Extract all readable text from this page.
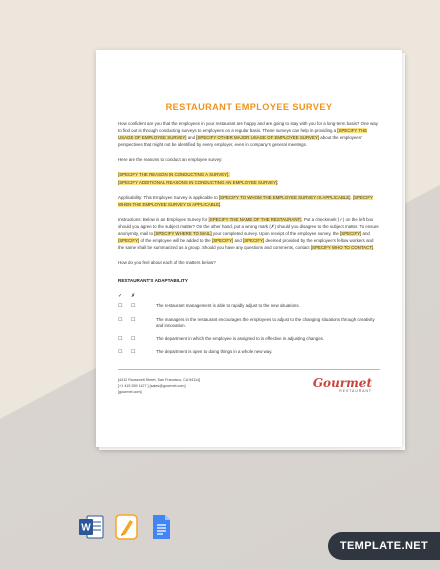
RESTAURANT EMPLOYEE SURVEY
How confident are you that the employees in your restaurant are happy and are going to stay with you for a long-term basis? One way to find out is through conducting surveys to employees on a regular basis. These surveys can help in providing a [SPECIFY THE USAGE OF EMPLOYEE SURVEY] and [SPECIFY OTHER MAJOR USAGE OF EMPLOYEE SURVEY] about the employees' perspectives that might not be identified by every employer, even in company's general meetings.
Here are the reasons to conduct an employee survey:
[SPECIFY THE REASON IN CONDUCTING A SURVEY].
[SPECIFY ADDITIONAL REASONS IN CONDUCTING AN EMPLOYEE SURVEY].
Applicability: This Employee Survey is applicable to [SPECIFY TO WHOM THE EMPLOYEE SURVEY IS APPLICABLE]. [SPECIFY WHEN THE EMPLOYEE SURVEY IS APPLICABLE].
Instructions: Below is an Employee Survey for [SPECIFY THE NAME OF THE RESTAURANT]. Put a checkmark (✓) on the left box should you agree to the subject matter? On the other hand, put a wrong mark (✗) should you disagree to the subject matter. To ensure anonymity, mail to [SPECIFY WHERE TO MAIL] your completed survey. Upon receipt of the employee survey, the [SPECIFY] and [SPECIFY] of the employee will be added to the [SPECIFY] and [SPECIFY] deemed provided by the employee's fellow workers and the same shall be summarized as a group. Should you have any questions and comments, contact [SPECIFY WHO TO CONTACT].
How do you feel about each of the matters below?
RESTAURANT'S ADAPTABILITY
✓	✗
☐	☐	The restaurant management is able to rapidly adjust to the new situations.
☐	☐	The managers in the restaurant encourages the employees to adjust to the changing situations through creativity and innovation.
☐	☐	The department in which the employee is assigned to is effective in adjusting changes.
☐	☐	The department is open to doing things in a whole new way.
[4412 Roosevelt Street, San Francisco, CA 94114]
[+1 415 359 1127 ] [sales@gourmet.com]
[gourmet.com]
Gourmet
RESTAURANT
W
TEMPLATE.NET
